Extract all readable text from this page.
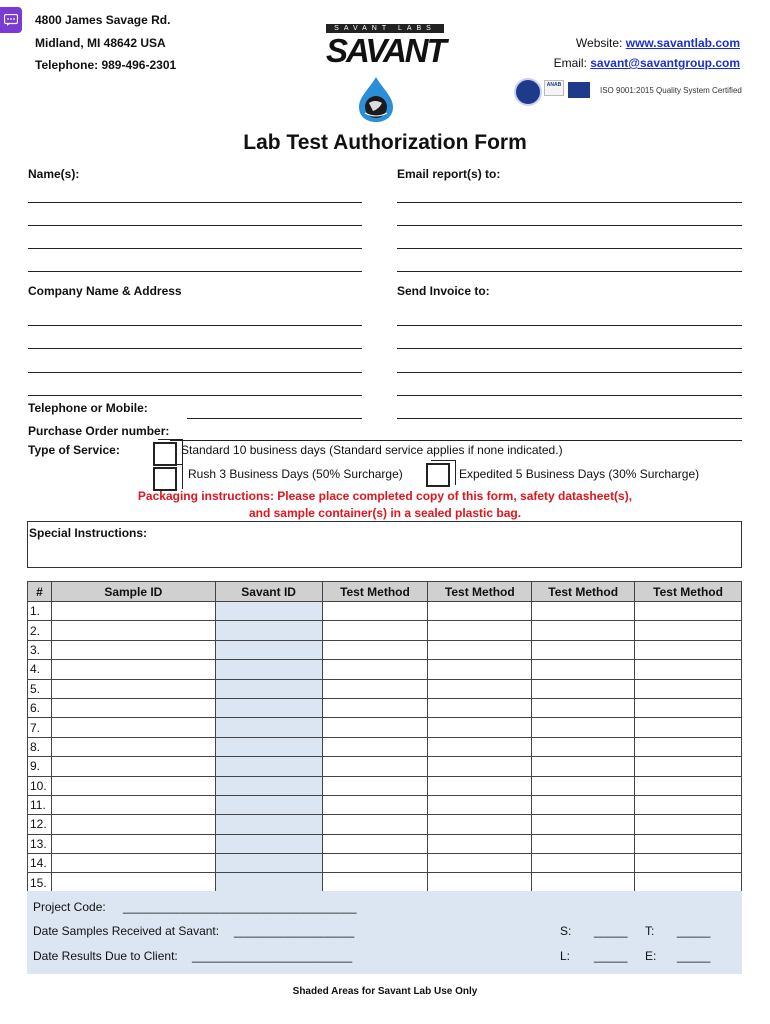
4800 James Savage Rd.
Midland, MI 48642 USA
Telephone: 989-496-2301
SAVANT LABS
SAVANT	Website: www.savantlab.com
Email: savant@savantgroup.com
ANAB
ISO 9001:2015 Quality System Certified
Lab Test Authorization Form
Name(s):	Email report(s) to:
Company Name & Address	Send Invoice to:
Telephone or Mobile:
Purchase Order number:
Type of Service:	Standard 10 business days (Standard service applies if none indicated.)
Rush 3 Business Days (50% Surcharge)	Expedited 5 Business Days (30% Surcharge)
Packaging instructions: Please place completed copy of this form, safety datasheet(s),
and sample container(s) in a sealed plastic bag.
Special Instructions:
#	Sample ID	Savant ID	Test Method	Test Method	Test Method	Test Method
1.						
2.						
3.						
4.						
5.						
6.						
7.						
8.						
9.						
10.						
11.						
12.						
13.						
14.						
15.						
Project Code: ___________________________________
Date Samples Received at Savant: __________________
Date Results Due to Client: ________________________
S: _____ T: _____
L: _____ E: _____
Shaded Areas for Savant Lab Use Only
